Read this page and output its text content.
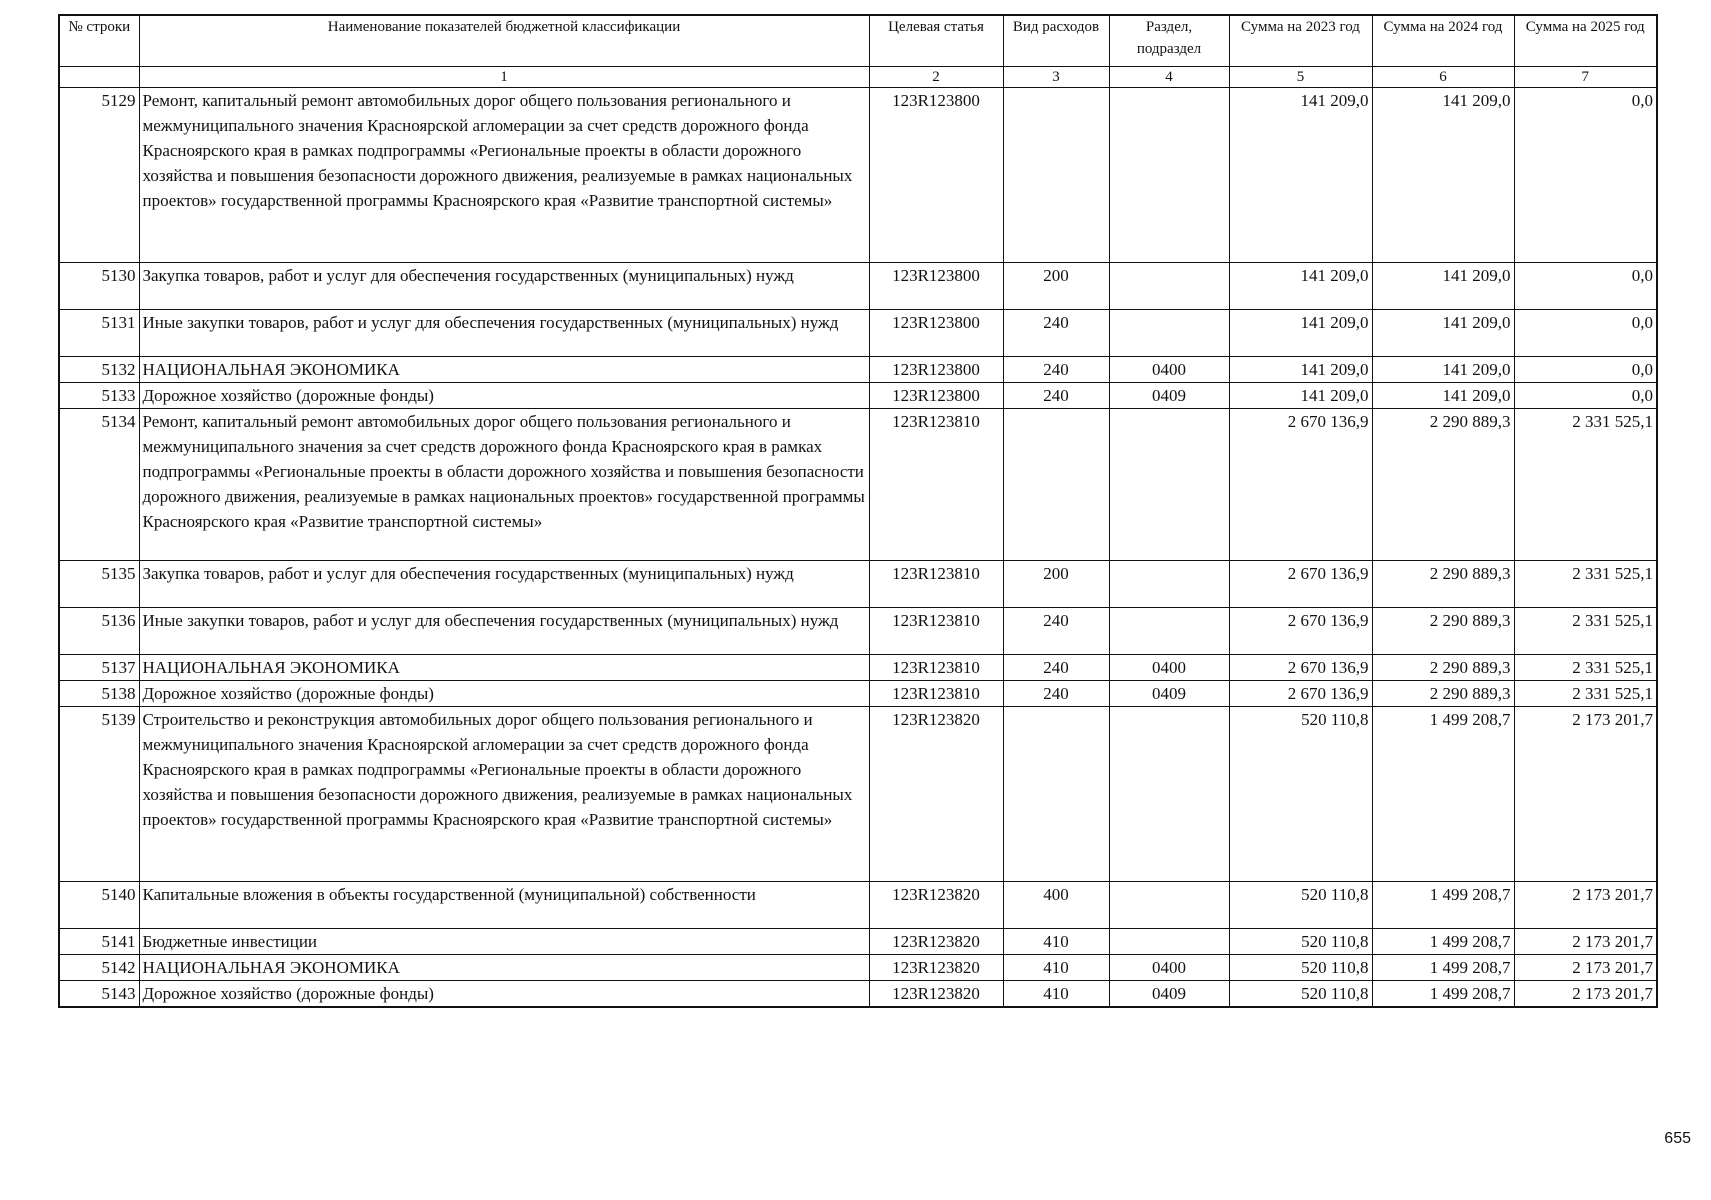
№ строки	Наименование показателей бюджетной классификации	Целевая статья	Вид расходов	Раздел, подраздел	Сумма на 2023 год	Сумма на 2024 год	Сумма на 2025 год
	1	2	3	4	5	6	7
5129	Ремонт, капитальный ремонт автомобильных дорог общего пользования регионального и межмуниципального значения Красноярской агломерации за счет средств дорожного фонда Красноярского края в рамках подпрограммы «Региональные проекты в области дорожного хозяйства и повышения безопасности дорожного движения, реализуемые в рамках национальных проектов» государственной программы Красноярского края «Развитие транспортной системы»	123R123800			141 209,0	141 209,0	0,0
5130	Закупка товаров, работ и услуг для обеспечения государственных (муниципальных) нужд	123R123800	200		141 209,0	141 209,0	0,0
5131	Иные закупки товаров, работ и услуг для обеспечения государственных (муниципальных) нужд	123R123800	240		141 209,0	141 209,0	0,0
5132	НАЦИОНАЛЬНАЯ ЭКОНОМИКА	123R123800	240	0400	141 209,0	141 209,0	0,0
5133	Дорожное хозяйство (дорожные фонды)	123R123800	240	0409	141 209,0	141 209,0	0,0
5134	Ремонт, капитальный ремонт автомобильных дорог общего пользования регионального и межмуниципального значения за счет средств дорожного фонда Красноярского края в рамках подпрограммы «Региональные проекты в области дорожного хозяйства и повышения безопасности дорожного движения, реализуемые в рамках национальных проектов» государственной программы Красноярского края «Развитие транспортной системы»	123R123810			2 670 136,9	2 290 889,3	2 331 525,1
5135	Закупка товаров, работ и услуг для обеспечения государственных (муниципальных) нужд	123R123810	200		2 670 136,9	2 290 889,3	2 331 525,1
5136	Иные закупки товаров, работ и услуг для обеспечения государственных (муниципальных) нужд	123R123810	240		2 670 136,9	2 290 889,3	2 331 525,1
5137	НАЦИОНАЛЬНАЯ ЭКОНОМИКА	123R123810	240	0400	2 670 136,9	2 290 889,3	2 331 525,1
5138	Дорожное хозяйство (дорожные фонды)	123R123810	240	0409	2 670 136,9	2 290 889,3	2 331 525,1
5139	Строительство и реконструкция автомобильных дорог общего пользования регионального и межмуниципального значения Красноярской агломерации за счет средств дорожного фонда Красноярского края в рамках подпрограммы «Региональные проекты в области дорожного хозяйства и повышения безопасности дорожного движения, реализуемые в рамках национальных проектов» государственной программы Красноярского края «Развитие транспортной системы»	123R123820			520 110,8	1 499 208,7	2 173 201,7
5140	Капитальные вложения в объекты государственной (муниципальной) собственности	123R123820	400		520 110,8	1 499 208,7	2 173 201,7
5141	Бюджетные инвестиции	123R123820	410		520 110,8	1 499 208,7	2 173 201,7
5142	НАЦИОНАЛЬНАЯ ЭКОНОМИКА	123R123820	410	0400	520 110,8	1 499 208,7	2 173 201,7
5143	Дорожное хозяйство (дорожные фонды)	123R123820	410	0409	520 110,8	1 499 208,7	2 173 201,7
655
